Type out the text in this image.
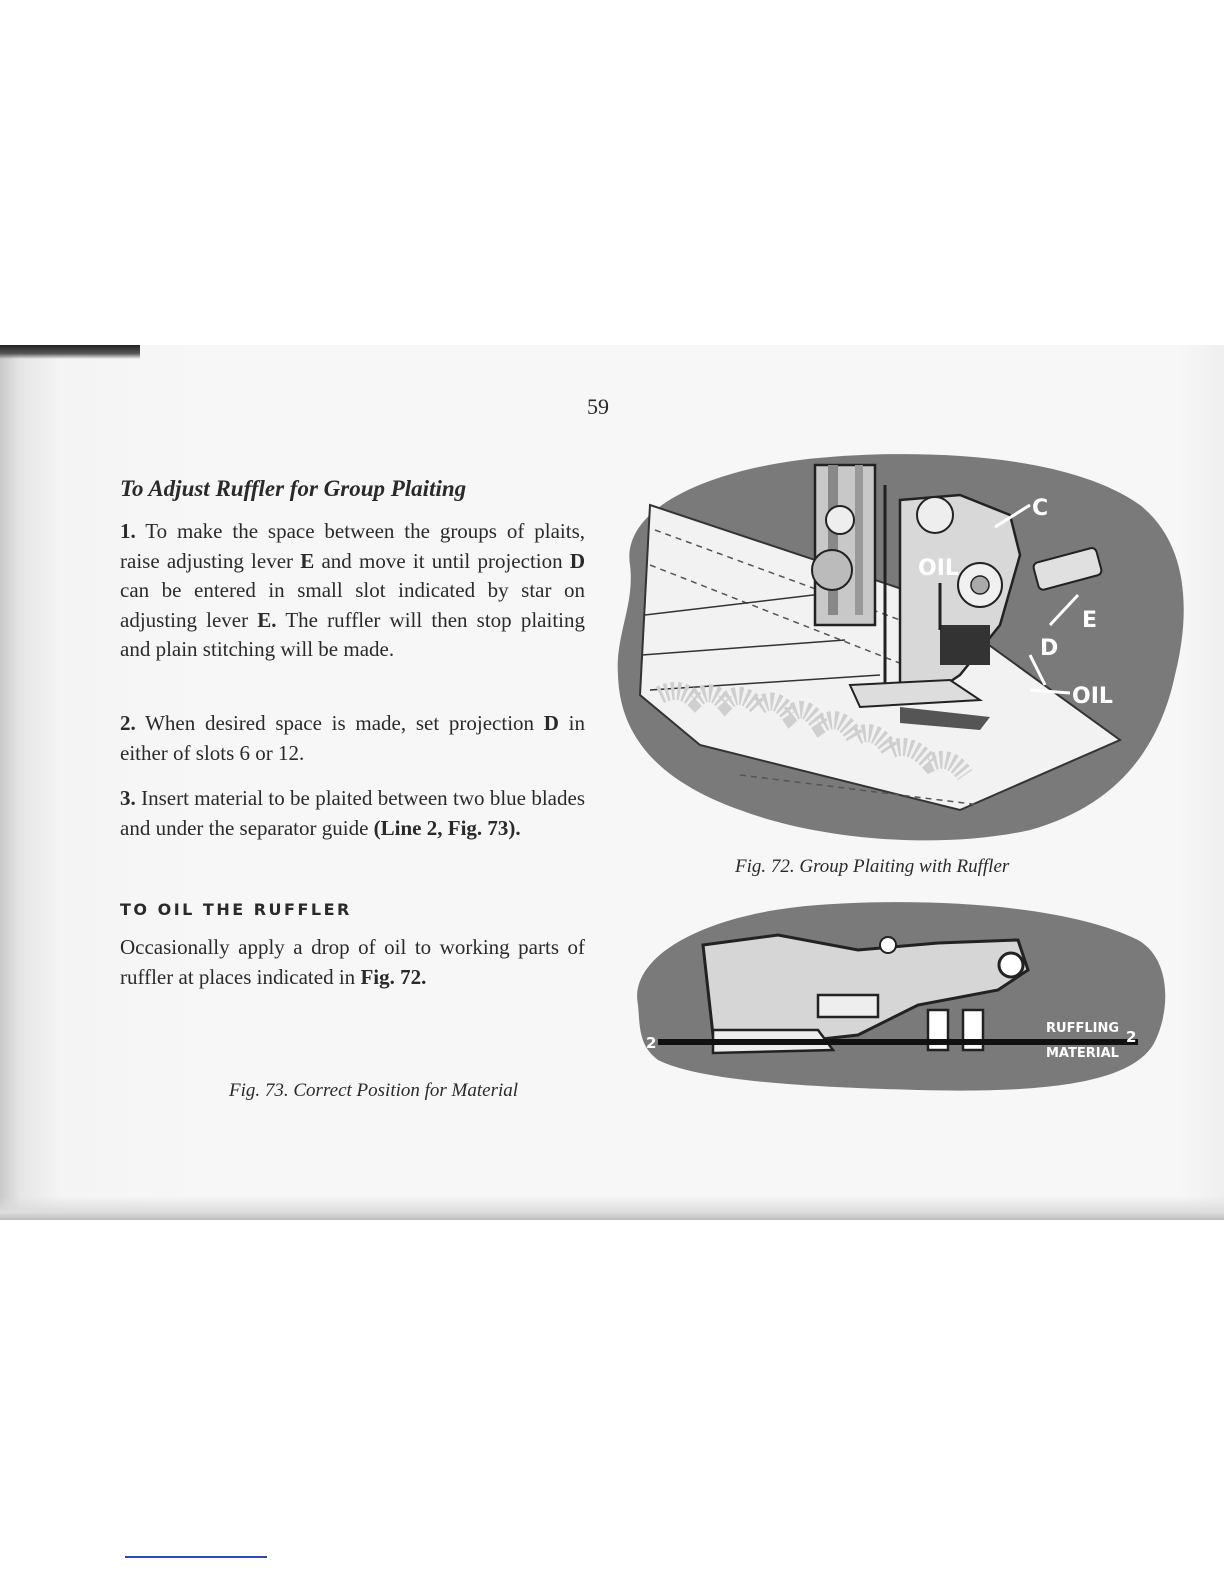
59
To Adjust Ruffler for Group Plaiting
1. To make the space between the groups of plaits, raise adjusting lever E and move it until projection D can be entered in small slot indicated by star on adjusting lever E. The ruffler will then stop plaiting and plain stitching will be made.
2. When desired space is made, set projection D in either of slots 6 or 12.
3. Insert material to be plaited between two blue blades and under the separator guide (Line 2, Fig. 73).
TO OIL THE RUFFLER
Occasionally apply a drop of oil to working parts of ruffler at places indicated in Fig. 72.
C
OIL
E
D
OIL
Fig. 72. Group Plaiting with Ruffler
2	2
RUFFLING
MATERIAL
Fig. 73. Correct Position for Material
